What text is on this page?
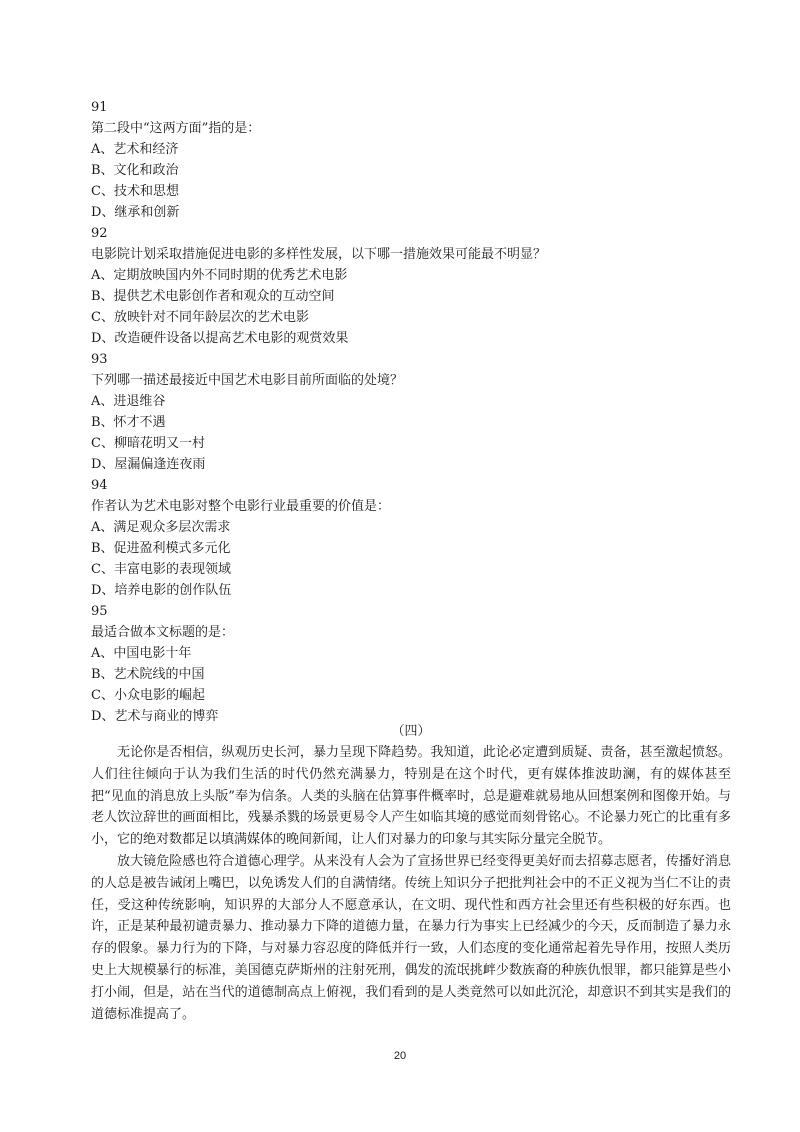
91
第二段中“这两方面”指的是：
A、艺术和经济
B、文化和政治
C、技术和思想
D、继承和创新
92
电影院计划采取措施促进电影的多样性发展，以下哪一措施效果可能最不明显？
A、定期放映国内外不同时期的优秀艺术电影
B、提供艺术电影创作者和观众的互动空间
C、放映针对不同年龄层次的艺术电影
D、改造硬件设备以提高艺术电影的观赏效果
93
下列哪一描述最接近中国艺术电影目前所面临的处境？
A、进退维谷
B、怀才不遇
C、柳暗花明又一村
D、屋漏偏逢连夜雨
94
作者认为艺术电影对整个电影行业最重要的价值是：
A、满足观众多层次需求
B、促进盈利模式多元化
C、丰富电影的表现领域
D、培养电影的创作队伍
95
最适合做本文标题的是：
A、中国电影十年
B、艺术院线的中国
C、小众电影的崛起
D、艺术与商业的博弈
（四）

无论你是否相信，纵观历史长河，暴力呈现下降趋势。我知道，此论必定遭到质疑、责备，甚至激起愤怒。人们往往倾向于认为我们生活的时代仍然充满暴力，特别是在这个时代，更有媒体推波助澜，有的媒体甚至把“见血的消息放上头版”奉为信条。人类的头脑在估算事件概率时，总是避难就易地从回想案例和图像开始。与老人饮泣辞世的画面相比，残暴杀戮的场景更易令人产生如临其境的感觉而刻骨铭心。不论暴力死亡的比重有多小，它的绝对数都足以填满媒体的晚间新闻，让人们对暴力的印象与其实际分量完全脱节。

放大镜危险感也符合道德心理学。从来没有人会为了宣扬世界已经变得更美好而去招募志愿者，传播好消息的人总是被告诫闭上嘴巴，以免诱发人们的自满情绪。传统上知识分子把批判社会中的不正义视为当仁不让的责任，受这种传统影响，知识界的大部分人不愿意承认，在文明、现代性和西方社会里还有些积极的好东西。也许，正是某种最初谴责暴力、推动暴力下降的道德力量，在暴力行为事实上已经减少的今天，反而制造了暴力永存的假象。暴力行为的下降，与对暴力容忍度的降低并行一致，人们态度的变化通常起着先导作用，按照人类历史上大规模暴行的标准，美国德克萨斯州的注射死刑，偶发的流氓挑衅少数族裔的种族仇恨罪，都只能算是些小打小闹，但是，站在当代的道德制高点上俯视，我们看到的是人类竟然可以如此沉沦，却意识不到其实是我们的道德标准提高了。

20
